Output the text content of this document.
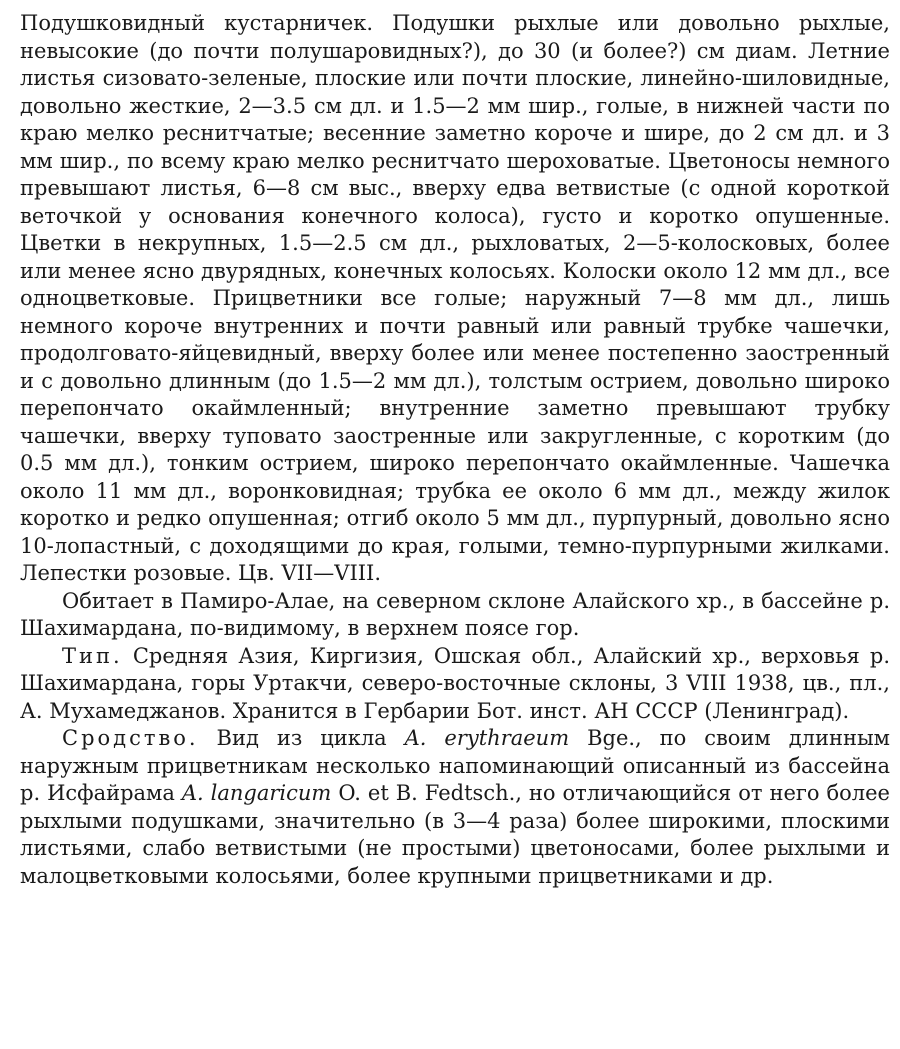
Подушковидный кустарничек. Подушки рыхлые или довольно рыхлые, невысокие (до почти полушаровидных?), до 30 (и более?) см диам. Летние листья сизовато-зеленые, плоские или почти плоские, линейно-шиловидные, довольно жесткие, 2—3.5 см дл. и 1.5—2 мм шир., голые, в нижней части по краю мелко реснитчатые; весенние заметно короче и шире, до 2 см дл. и 3 мм шир., по всему краю мелко реснитчато шероховатые. Цветоносы немного превышают листья, 6—8 см выс., вверху едва ветвистые (с одной короткой веточкой у основания конечного колоса), густо и коротко опушенные. Цветки в некрупных, 1.5—2.5 см дл., рыхловатых, 2—5-колосковых, более или менее ясно двурядных, конечных колосьях. Колоски около 12 мм дл., все одноцветковые. Прицветники все голые; наружный 7—8 мм дл., лишь немного короче внутренних и почти равный или равный трубке чашечки, продолговато-яйцевидный, вверху более или менее постепенно заостренный и с довольно длинным (до 1.5—2 мм дл.), толстым острием, довольно широко перепончато окаймленный; внутренние заметно превышают трубку чашечки, вверху туповато заостренные или закругленные, с коротким (до 0.5 мм дл.), тонким острием, широко перепончато окаймленные. Чашечка около 11 мм дл., воронковидная; трубка ее около 6 мм дл., между жилок коротко и редко опушенная; отгиб около 5 мм дл., пурпурный, довольно ясно 10-лопастный, с доходящими до края, голыми, темно-пурпурными жилками. Лепестки розовые. Цв. VII—VIII.

Обитает в Памиро-Алае, на северном склоне Алайского хр., в бассейне р. Шахимардана, по-видимому, в верхнем поясе гор.

Тип. Средняя Азия, Киргизия, Ошская обл., Алайский хр., верховья р. Шахимардана, горы Уртакчи, северо-восточные склоны, 3 VIII 1938, цв., пл., А. Мухамеджанов. Хранится в Гербарии Бот. инст. АН СССР (Ленинград).

Сродство. Вид из цикла A. erythraeum Bge., по своим длинным наружным прицветникам несколько напоминающий описанный из бассейна р. Исфайрама A. langaricum O. et B. Fedtsch., но отличающийся от него более рыхлыми подушками, значительно (в 3—4 раза) более широкими, плоскими листьями, слабо ветвистыми (не простыми) цветоносами, более рыхлыми и малоцветковыми колосьями, более крупными прицветниками и др.
